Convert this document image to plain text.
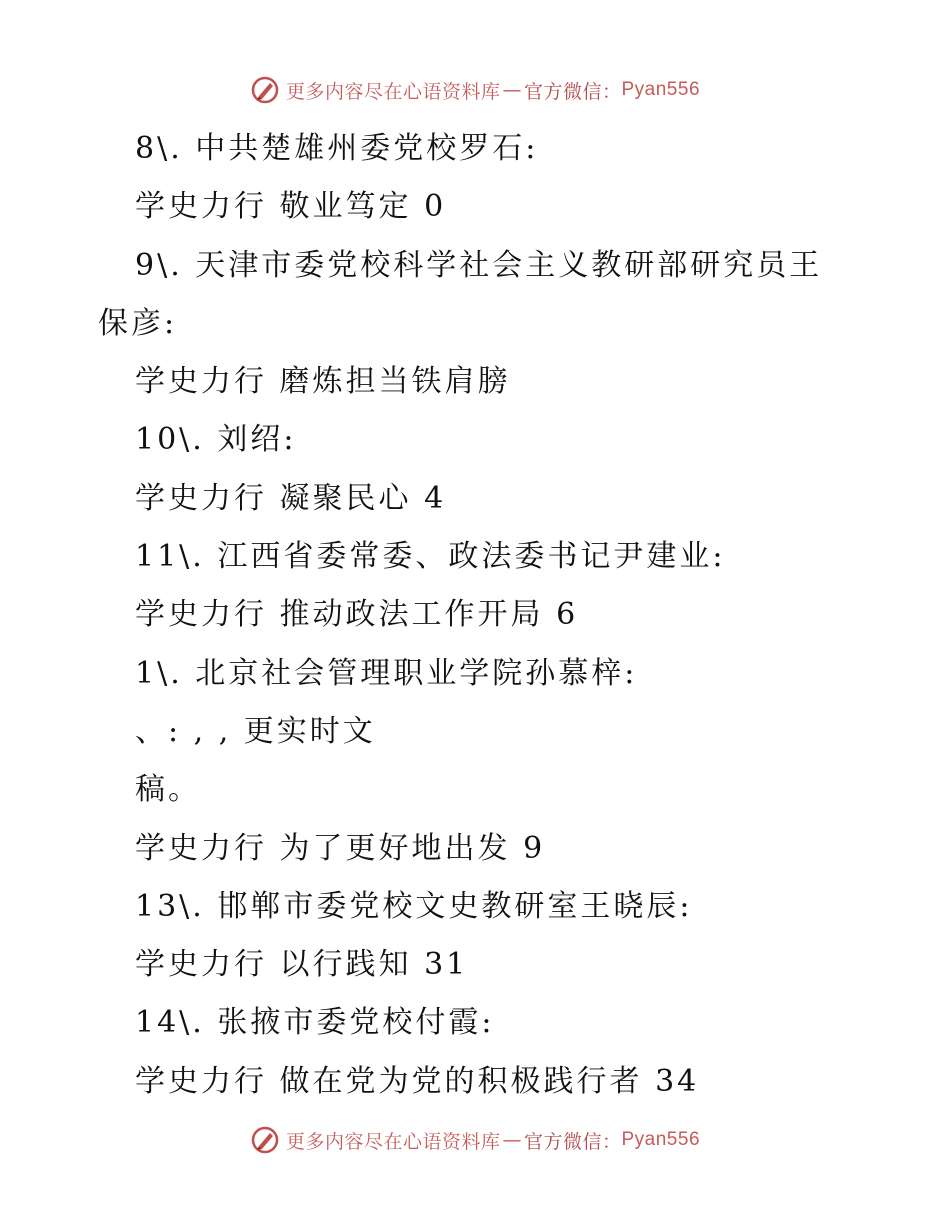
更多内容尽在心语资料库 — 官方微信： Pyan556
8\. 中共楚雄州委党校罗石:
学史力行 敬业笃定 0
9\. 天津市委党校科学社会主义教研部研究员王
保彦:
学史力行 磨炼担当铁肩膀
10\. 刘绍:
学史力行 凝聚民心 4
11\. 江西省委常委、政法委书记尹建业:
学史力行 推动政法工作开局 6
1\. 北京社会管理职业学院孙慕梓:
、: , , 更实时文
稿。
学史力行 为了更好地出发 9
13\. 邯郸市委党校文史教研室王晓辰:
学史力行 以行践知 31
14\. 张掖市委党校付霞:
学史力行 做在党为党的积极践行者 34
更多内容尽在心语资料库 — 官方微信： Pyan556
